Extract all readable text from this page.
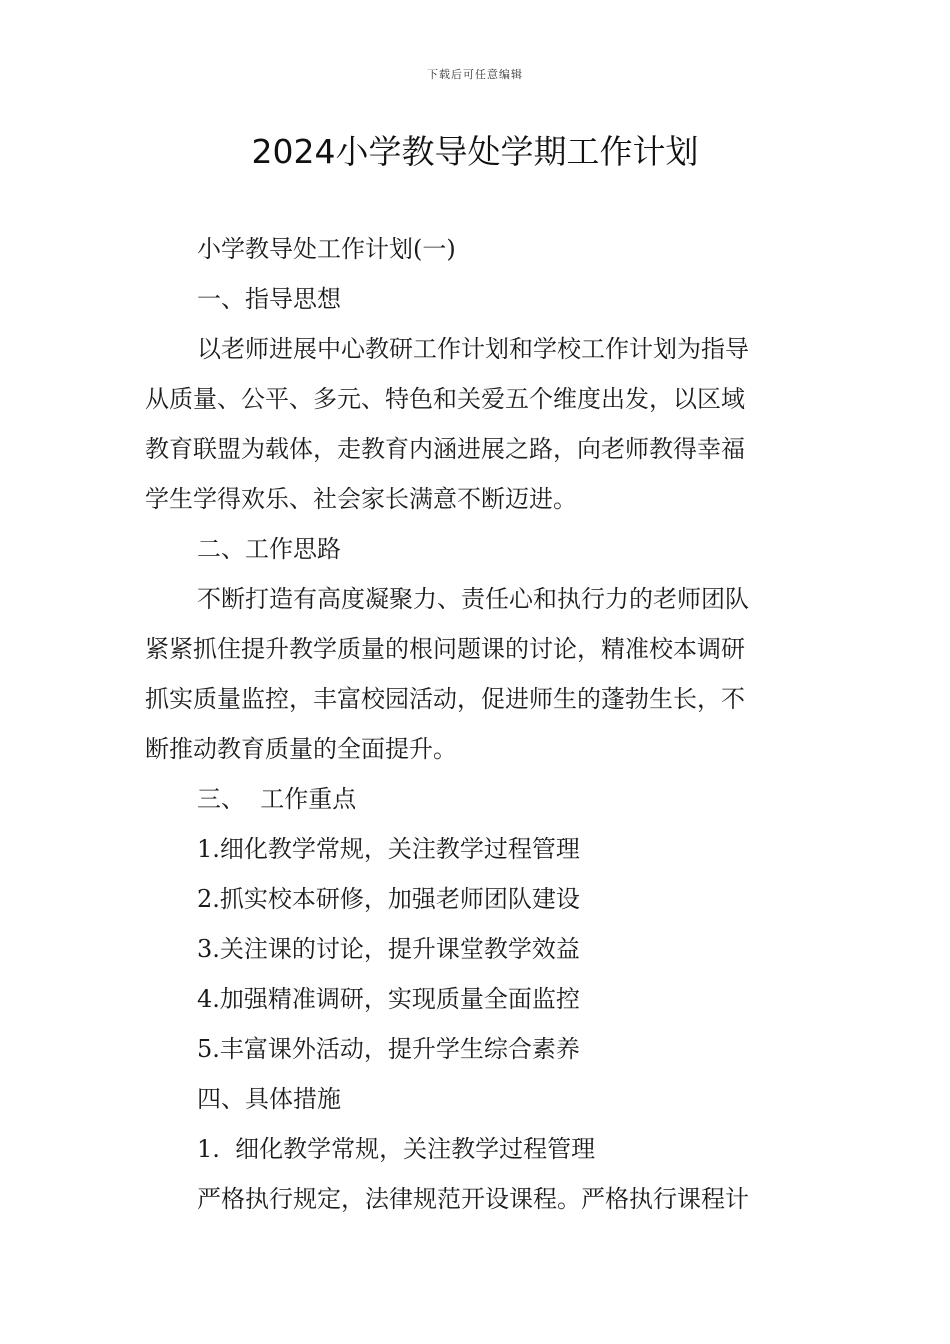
下载后可任意编辑
2024小学教导处学期工作计划
小学教导处工作计划(一)
一、指导思想
以老师进展中心教研工作计划和学校工作计划为指导
从质量、公平、多元、特色和关爱五个维度出发，以区域
教育联盟为载体，走教育内涵进展之路，向老师教得幸福
学生学得欢乐、社会家长满意不断迈进。
二、工作思路
不断打造有高度凝聚力、责任心和执行力的老师团队
紧紧抓住提升教学质量的根问题课的讨论，精准校本调研
抓实质量监控，丰富校园活动，促进师生的蓬勃生长，不
断推动教育质量的全面提升。
三、  工作重点
1.细化教学常规，关注教学过程管理
2.抓实校本研修，加强老师团队建设
3.关注课的讨论，提升课堂教学效益
4.加强精准调研，实现质量全面监控
5.丰富课外活动，提升学生综合素养
四、具体措施
1.  细化教学常规，关注教学过程管理
严格执行规定，法律规范开设课程。严格执行课程计
